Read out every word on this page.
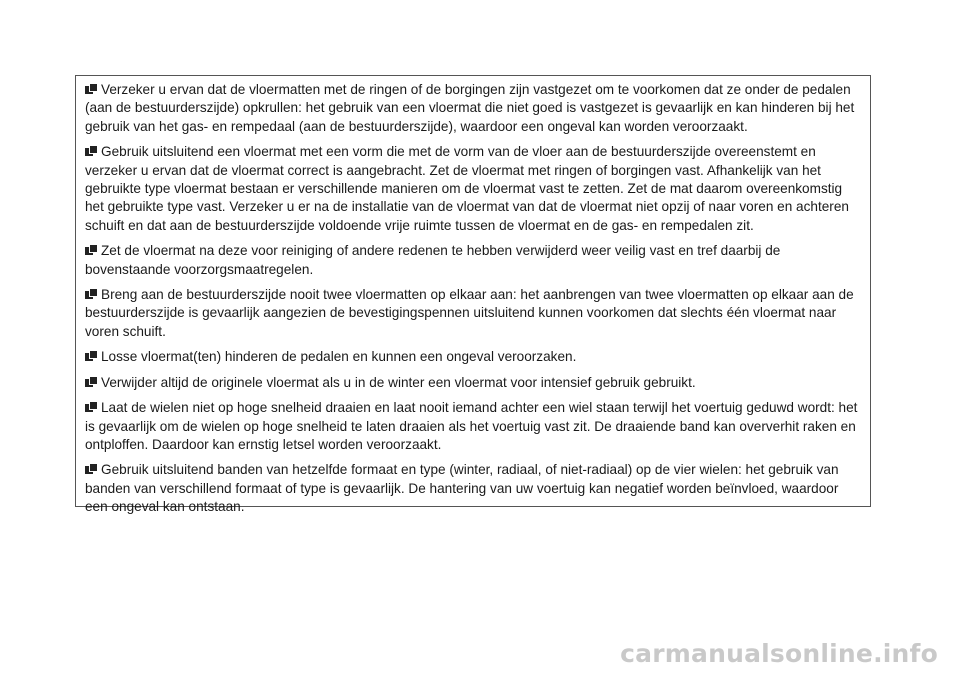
Verzeker u ervan dat de vloermatten met de ringen of de borgingen zijn vastgezet om te voorkomen dat ze onder de pedalen (aan de bestuurderszijde) opkrullen: het gebruik van een vloermat die niet goed is vastgezet is gevaarlijk en kan hinderen bij het gebruik van het gas- en rempedaal (aan de bestuurderszijde), waardoor een ongeval kan worden veroorzaakt.

Gebruik uitsluitend een vloermat met een vorm die met de vorm van de vloer aan de bestuurderszijde overeenstemt en verzeker u ervan dat de vloermat correct is aangebracht. Zet de vloermat met ringen of borgingen vast. Afhankelijk van het gebruikte type vloermat bestaan er verschillende manieren om de vloermat vast te zetten. Zet de mat daarom overeenkomstig het gebruikte type vast. Verzeker u er na de installatie van de vloermat van dat de vloermat niet opzij of naar voren en achteren schuift en dat aan de bestuurderszijde voldoende vrije ruimte tussen de vloermat en de gas- en rempedalen zit.

Zet de vloermat na deze voor reiniging of andere redenen te hebben verwijderd weer veilig vast en tref daarbij de bovenstaande voorzorgsmaatregelen.

Breng aan de bestuurderszijde nooit twee vloermatten op elkaar aan: het aanbrengen van twee vloermatten op elkaar aan de bestuurderszijde is gevaarlijk aangezien de bevestigingspennen uitsluitend kunnen voorkomen dat slechts één vloermat naar voren schuift.

Losse vloermat(ten) hinderen de pedalen en kunnen een ongeval veroorzaken.

Verwijder altijd de originele vloermat als u in de winter een vloermat voor intensief gebruik gebruikt.

Laat de wielen niet op hoge snelheid draaien en laat nooit iemand achter een wiel staan terwijl het voertuig geduwd wordt: het is gevaarlijk om de wielen op hoge snelheid te laten draaien als het voertuig vast zit. De draaiende band kan oververhit raken en ontploffen. Daardoor kan ernstig letsel worden veroorzaakt.

Gebruik uitsluitend banden van hetzelfde formaat en type (winter, radiaal, of niet-radiaal) op de vier wielen: het gebruik van banden van verschillend formaat of type is gevaarlijk. De hantering van uw voertuig kan negatief worden beïnvloed, waardoor een ongeval kan ontstaan.

carmanualsonline.info
